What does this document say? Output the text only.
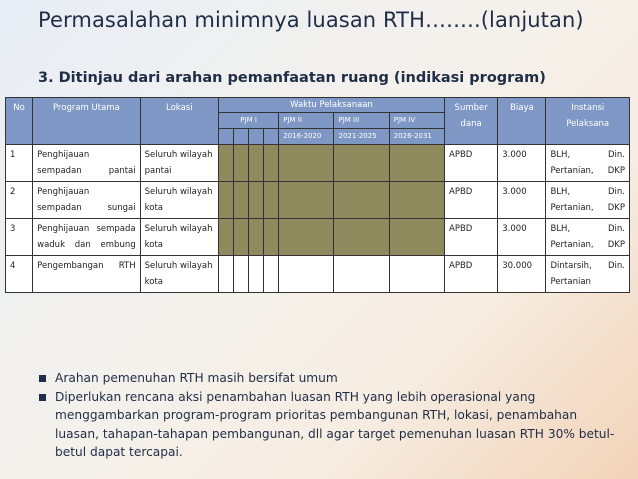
Permasalahan minimnya luasan RTH……..(lanjutan)
3. Ditinjau dari arahan pemanfaatan ruang (indikasi program)
No	Program Utama	Lokasi	Waktu Pelaksanaan							Sumber dana	Biaya	Instansi Pelaksana
			PJM I				PJM II	PJM III	PJM IV			
							2016-2020	2021-2025	2026-2031			
1	Penghijauan sempadan pantai	Seluruh wilayah pantai								APBD	3.000	BLH, Din. Pertanian, DKP
2	Penghijauan sempadan sungai	Seluruh wilayah kota								APBD	3.000	BLH, Din. Pertanian, DKP
3	Penghijauan sempada waduk dan embung	Seluruh wilayah kota								APBD	3.000	BLH, Din. Pertanian, DKP
4	Pengembangan RTH	Seluruh wilayah kota								APBD	30.000	Dintarsih, Din. Pertanian
Arahan pemenuhan RTH masih bersifat umum
Diperlukan rencana aksi penambahan luasan RTH yang lebih operasional yang menggambarkan program-program prioritas pembangunan RTH, lokasi, penambahan luasan, tahapan-tahapan pembangunan, dll agar target pemenuhan luasan RTH 30% betul-betul dapat tercapai.
